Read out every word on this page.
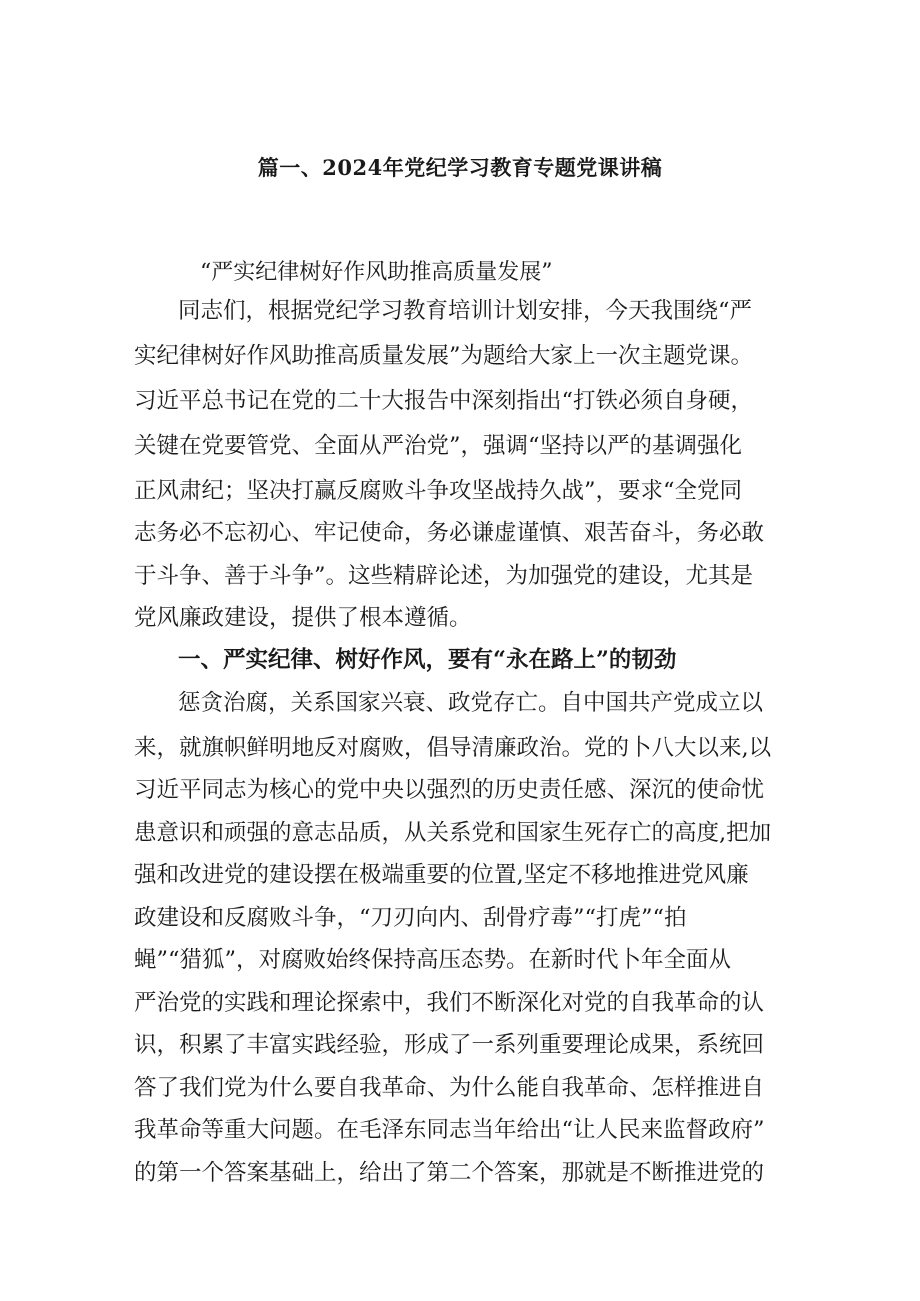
篇一、2024年党纪学习教育专题党课讲稿
“严实纪律树好作风助推高质量发展”
同志们，根据党纪学习教育培训计划安排，今天我围绕“严
实纪律树好作风助推高质量发展”为题给大家上一次主题党课。
习近平总书记在党的二十大报告中深刻指出“打铁必须自身硬，
关键在党要管党、全面从严治党”，强调“坚持以严的基调强化
正风肃纪；坚决打赢反腐败斗争攻坚战持久战”，要求“全党同
志务必不忘初心、牢记使命，务必谦虚谨慎、艰苦奋斗，务必敢
于斗争、善于斗争”。这些精辟论述，为加强党的建设，尤其是
党风廉政建设，提供了根本遵循。
一、严实纪律、树好作风，要有“永在路上”的韧劲
惩贪治腐，关系国家兴衰、政党存亡。自中国共产党成立以
来，就旗帜鲜明地反对腐败，倡导清廉政治。党的卜八大以来,以
习近平同志为核心的党中央以强烈的历史责任感、深沉的使命忧
患意识和顽强的意志品质，从关系党和国家生死存亡的高度,把加
强和改进党的建设摆在极端重要的位置,坚定不移地推进党风廉
政建设和反腐败斗争，“刀刃向内、刮骨疗毒”“打虎”“拍
蝇”“猎狐”，对腐败始终保持高压态势。在新时代卜年全面从
严治党的实践和理论探索中，我们不断深化对党的自我革命的认
识，积累了丰富实践经验，形成了一系列重要理论成果，系统回
答了我们党为什么要自我革命、为什么能自我革命、怎样推进自
我革命等重大问题。在毛泽东同志当年给出“让人民来监督政府”
的第一个答案基础上，给出了第二个答案，那就是不断推进党的
